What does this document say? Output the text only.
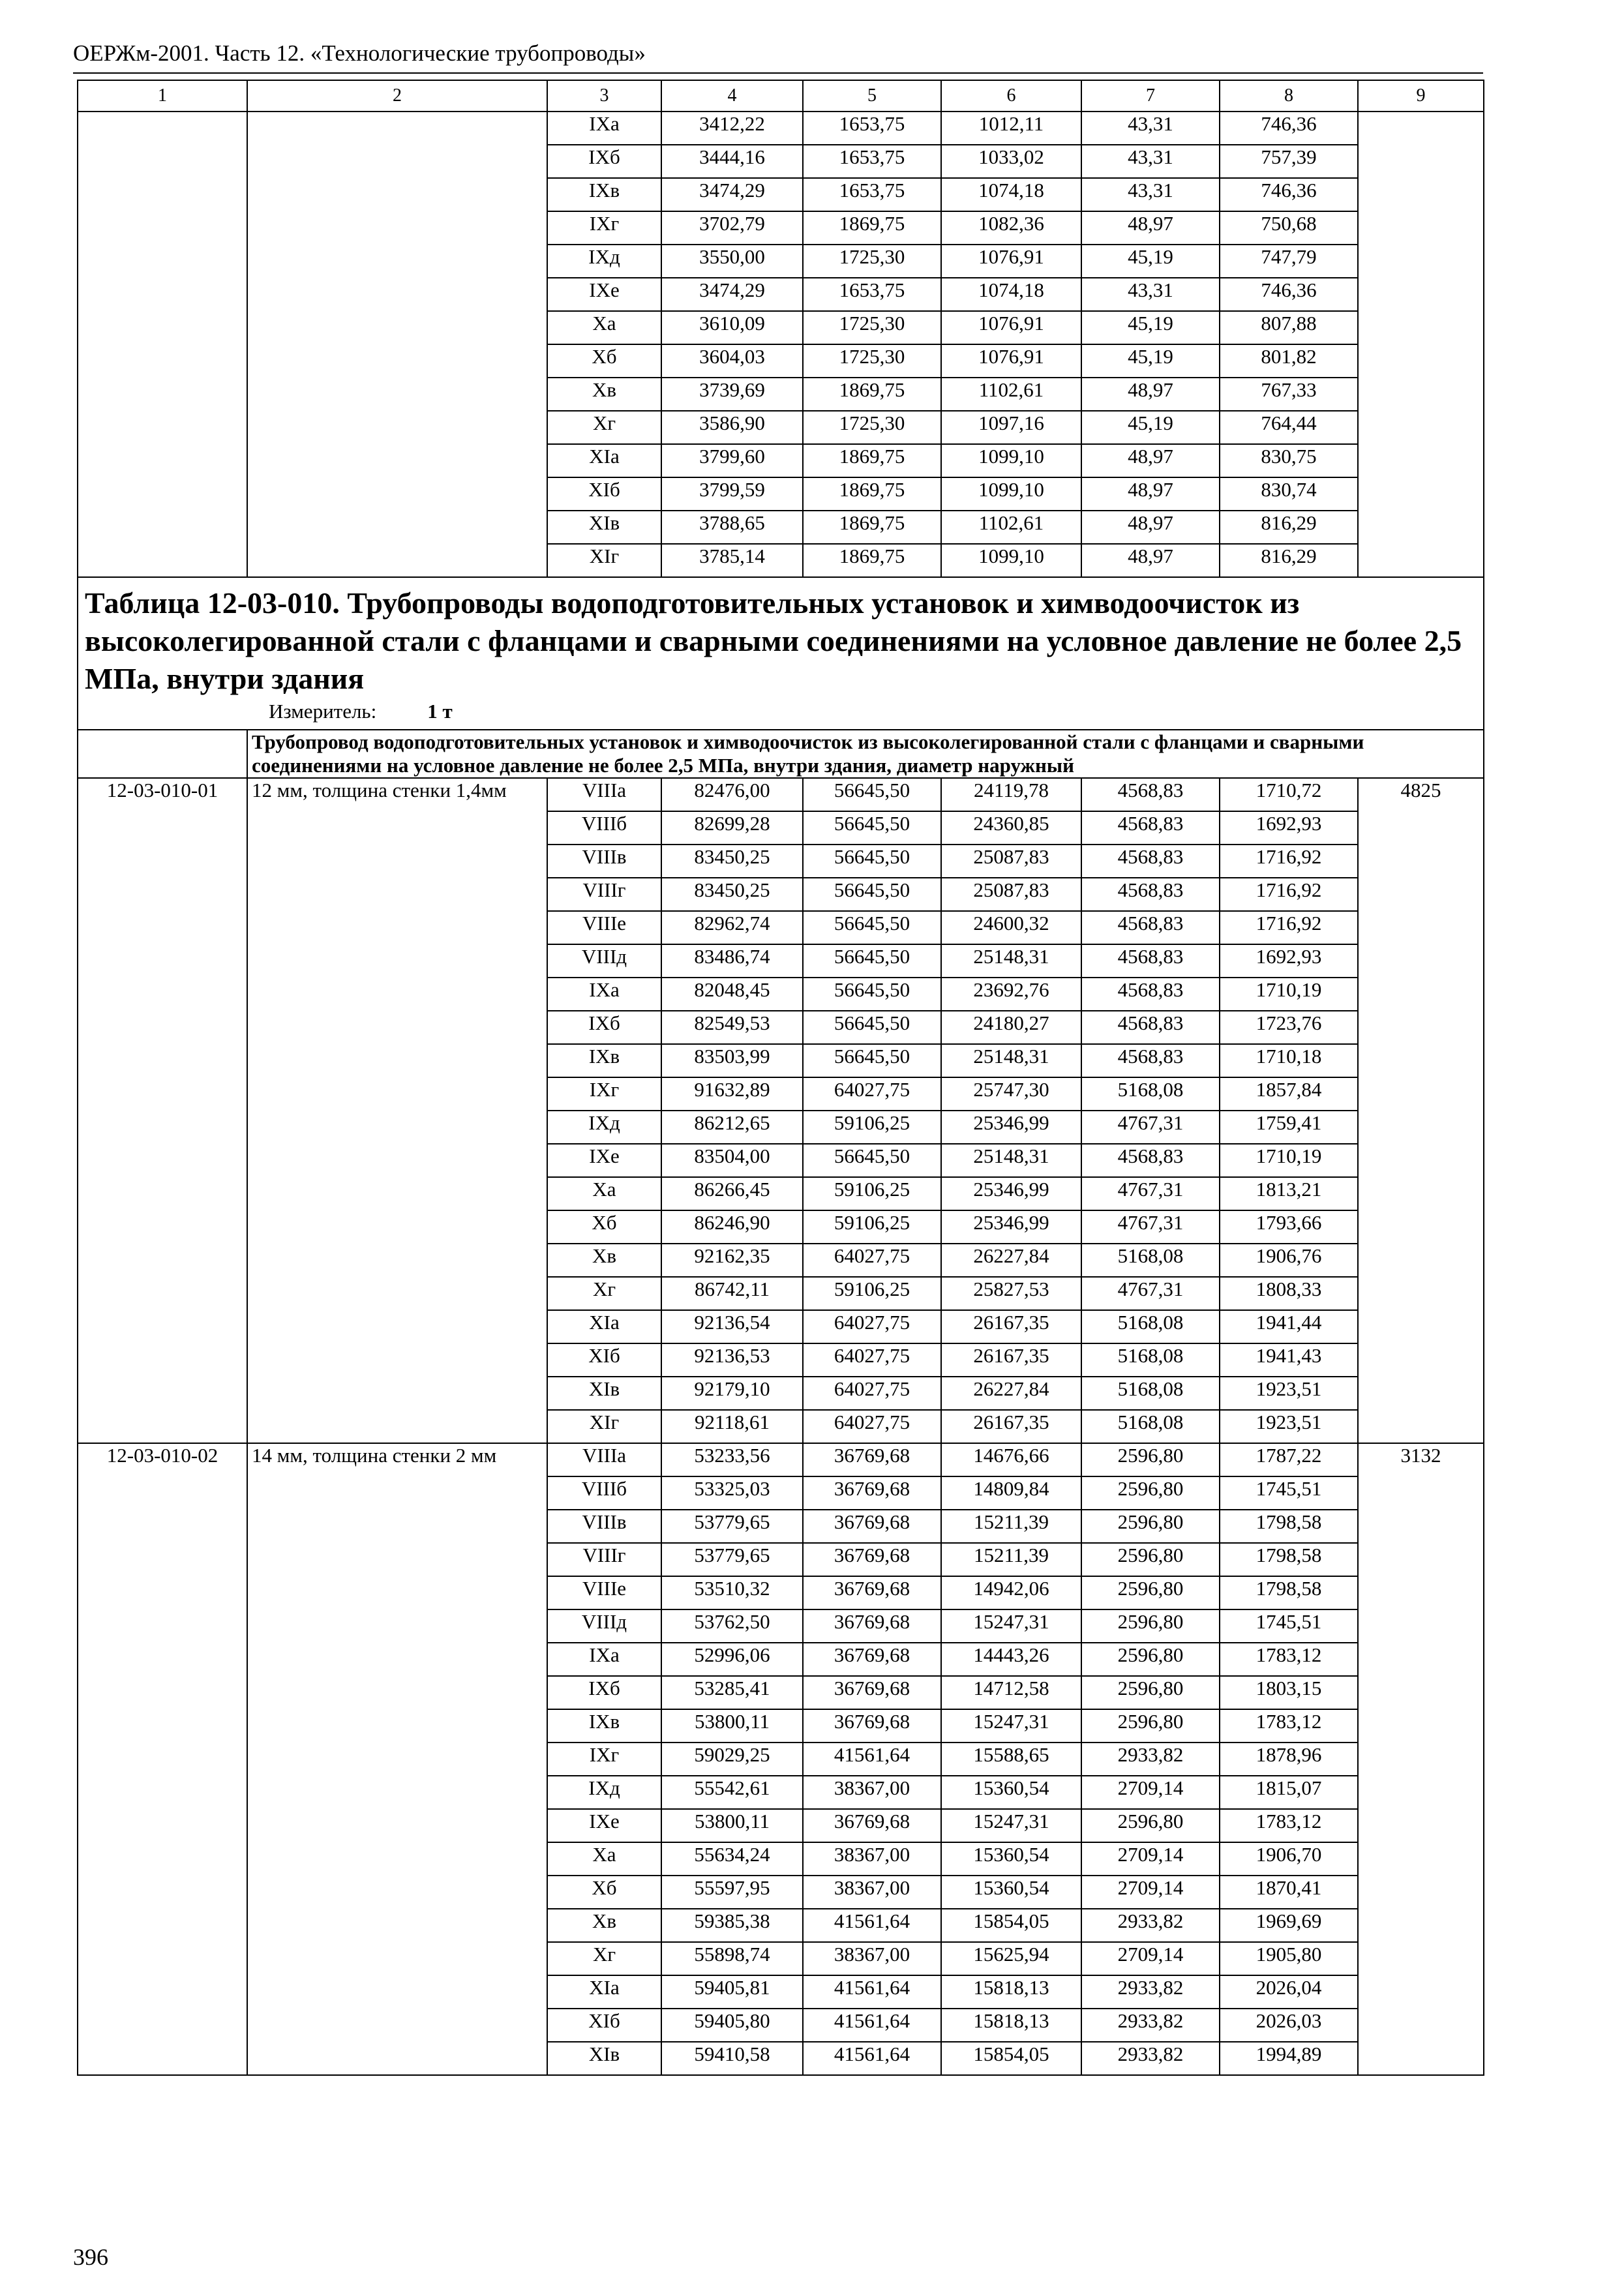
ОЕРЖм-2001. Часть 12. «Технологические трубопроводы»
1	2	3	4	5	6	7	8	9
		IXа	3412,22	1653,75	1012,11	43,31	746,36	
		IXб	3444,16	1653,75	1033,02	43,31	757,39	
		IXв	3474,29	1653,75	1074,18	43,31	746,36	
		IXг	3702,79	1869,75	1082,36	48,97	750,68	
		IXд	3550,00	1725,30	1076,91	45,19	747,79	
		IXе	3474,29	1653,75	1074,18	43,31	746,36	
		Xа	3610,09	1725,30	1076,91	45,19	807,88	
		Xб	3604,03	1725,30	1076,91	45,19	801,82	
		Xв	3739,69	1869,75	1102,61	48,97	767,33	
		Xг	3586,90	1725,30	1097,16	45,19	764,44	
		XIа	3799,60	1869,75	1099,10	48,97	830,75	
		XIб	3799,59	1869,75	1099,10	48,97	830,74	
		XIв	3788,65	1869,75	1102,61	48,97	816,29	
		XIг	3785,14	1869,75	1099,10	48,97	816,29	

Таблица 12-03-010. Трубопроводы водоподготовительных установок и химводоочисток из высоколегированной стали с фланцами и сварными соединениями на условное давление не более 2,5 МПа, внутри здания
Измеритель: 1 т								

	Трубопровод водоподготовительных установок и химводоочисток из высоколегированной стали с фланцами и сварными соединениями на условное давление не более 2,5 МПа, внутри здания, диаметр наружный							
12-03-010-01	12 мм, толщина стенки 1,4мм	VIIIа	82476,00	56645,50	24119,78	4568,83	1710,72	4825
		VIIIб	82699,28	56645,50	24360,85	4568,83	1692,93	
		VIIIв	83450,25	56645,50	25087,83	4568,83	1716,92	
		VIIIг	83450,25	56645,50	25087,83	4568,83	1716,92	
		VIIIе	82962,74	56645,50	24600,32	4568,83	1716,92	
		VIIIд	83486,74	56645,50	25148,31	4568,83	1692,93	
		IXа	82048,45	56645,50	23692,76	4568,83	1710,19	
		IXб	82549,53	56645,50	24180,27	4568,83	1723,76	
		IXв	83503,99	56645,50	25148,31	4568,83	1710,18	
		IXг	91632,89	64027,75	25747,30	5168,08	1857,84	
		IXд	86212,65	59106,25	25346,99	4767,31	1759,41	
		IXе	83504,00	56645,50	25148,31	4568,83	1710,19	
		Xа	86266,45	59106,25	25346,99	4767,31	1813,21	
		Xб	86246,90	59106,25	25346,99	4767,31	1793,66	
		Xв	92162,35	64027,75	26227,84	5168,08	1906,76	
		Xг	86742,11	59106,25	25827,53	4767,31	1808,33	
		XIа	92136,54	64027,75	26167,35	5168,08	1941,44	
		XIб	92136,53	64027,75	26167,35	5168,08	1941,43	
		XIв	92179,10	64027,75	26227,84	5168,08	1923,51	
		XIг	92118,61	64027,75	26167,35	5168,08	1923,51	
12-03-010-02	14 мм, толщина стенки 2 мм	VIIIа	53233,56	36769,68	14676,66	2596,80	1787,22	3132
		VIIIб	53325,03	36769,68	14809,84	2596,80	1745,51	
		VIIIв	53779,65	36769,68	15211,39	2596,80	1798,58	
		VIIIг	53779,65	36769,68	15211,39	2596,80	1798,58	
		VIIIе	53510,32	36769,68	14942,06	2596,80	1798,58	
		VIIIд	53762,50	36769,68	15247,31	2596,80	1745,51	
		IXа	52996,06	36769,68	14443,26	2596,80	1783,12	
		IXб	53285,41	36769,68	14712,58	2596,80	1803,15	
		IXв	53800,11	36769,68	15247,31	2596,80	1783,12	
		IXг	59029,25	41561,64	15588,65	2933,82	1878,96	
		IXд	55542,61	38367,00	15360,54	2709,14	1815,07	
		IXе	53800,11	36769,68	15247,31	2596,80	1783,12	
		Xа	55634,24	38367,00	15360,54	2709,14	1906,70	
		Xб	55597,95	38367,00	15360,54	2709,14	1870,41	
		Xв	59385,38	41561,64	15854,05	2933,82	1969,69	
		Xг	55898,74	38367,00	15625,94	2709,14	1905,80	
		XIа	59405,81	41561,64	15818,13	2933,82	2026,04	
		XIб	59405,80	41561,64	15818,13	2933,82	2026,03	
		XIв	59410,58	41561,64	15854,05	2933,82	1994,89	
396
